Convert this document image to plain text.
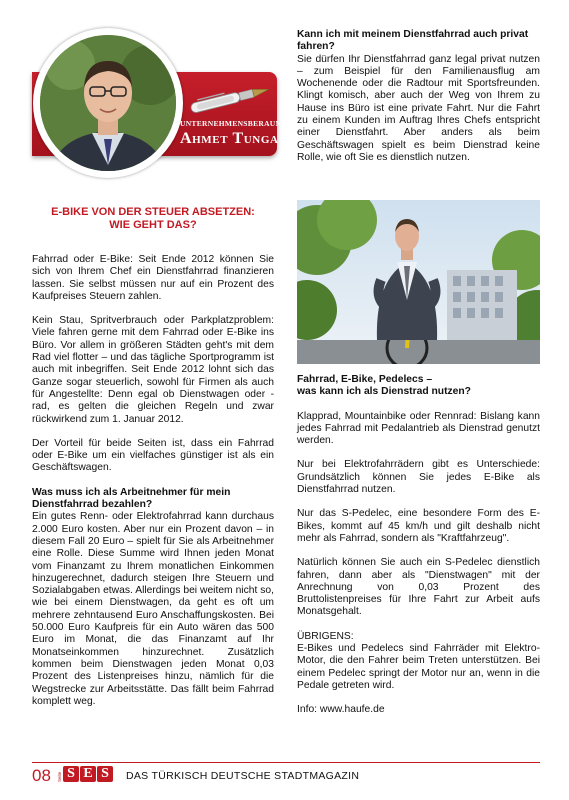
UNTERNEHMENSBERAUNG
Ahmet Tunga
E-BIKE VON DER STEUER ABSETZEN:
WIE GEHT DAS?

Fahrrad oder E-Bike: Seit Ende 2012 können Sie sich von Ihrem Chef ein Dienstfahrrad finanzieren lassen. Sie selbst müssen nur auf ein Prozent des Kaufpreises Steuern zahlen.

Kein Stau, Spritverbrauch oder Parkplatzproblem: Viele fahren gerne mit dem Fahrrad oder E-Bike ins Büro. Vor allem in größeren Städten geht's mit dem Rad viel flotter – und das tägliche Sportprogramm ist auch mit inbegriffen. Seit Ende 2012 lohnt sich das Ganze sogar steuerlich, sowohl für Firmen als auch für Angestellte: Denn egal ob Dienstwagen oder -rad, es gelten die gleichen Regeln und zwar rückwirkend zum 1. Januar 2012.

Der Vorteil für beide Seiten ist, dass ein Fahrrad oder E-Bike um ein vielfaches günstiger ist als ein Geschäftswagen.

Was muss ich als Arbeitnehmer für mein Dienstfahrrad bezahlen?

Ein gutes Renn- oder Elektrofahrrad kann durchaus 2.000 Euro kosten. Aber nur ein Prozent davon – in diesem Fall 20 Euro – spielt für Sie als Arbeitnehmer eine Rolle. Diese Summe wird Ihnen jeden Monat vom Finanzamt zu Ihrem monatlichen Einkommen hinzugerechnet, dadurch steigen Ihre Steuern und Sozialabgaben etwas. Allerdings bei weitem nicht so, wie bei einem Dienstwagen, da geht es oft um mehrere zehntausend Euro Anschaffungskosten. Bei 50.000 Euro Kaufpreis für ein Auto wären das 500 Euro im Monat, die das Finanzamt auf Ihr Monatseinkommen hinzurechnet. Zusätzlich kommen beim Dienstwagen jeden Monat 0,03 Prozent des Listenpreises hinzu, nämlich für die Wegstrecke zur Arbeitsstätte. Das fällt beim Fahrrad komplett weg.

Kann ich mit meinem Dienstfahrrad auch privat fahren?

Sie dürfen Ihr Dienstfahrrad ganz legal privat nutzen – zum Beispiel für den Familienausflug am Wochenende oder die Radtour mit Sportsfreunden. Klingt komisch, aber auch der Weg von Ihrem zu Hause ins Büro ist eine private Fahrt. Nur die Fahrt zu einem Kunden im Auftrag Ihres Chefs entspricht einer Dienstfahrt. Aber anders als beim Geschäftswagen spielt es beim Dienstrad keine Rolle, wie oft Sie es dienstlich nutzen.

Fahrrad, E-Bike, Pedelecs –
was kann ich als Dienstrad nutzen?

Klapprad, Mountainbike oder Rennrad: Bislang kann jedes Fahrrad mit Pedalantrieb als Dienstrad genutzt werden.

Nur bei Elektrofahrrädern gibt es Unterschiede: Grundsätzlich können Sie jedes E-Bike als Dienstfahrrad nutzen.

Nur das S-Pedelec, eine besondere Form des E-Bikes, kommt auf 45 km/h und gilt deshalb nicht mehr als Fahrrad, sondern als "Kraftfahrzeug".

Natürlich können Sie auch ein S-Pedelec dienstlich fahren, dann aber als "Dienstwagen" mit der Anrechnung von 0,03 Prozent des Bruttolistenpreises für Ihre Fahrt zur Arbeit aufs Monatsgehalt.

ÜBRIGENS:

E-Bikes und Pedelecs sind Fahrräder mit Elektro-Motor, die den Fahrer beim Treten unterstützen. Bei einem Pedelec springt der Motor nur an, wenn in die Pedale getreten wird.

Info: www.haufe.de
08 Seite S E S	DAS TÜRKISCH DEUTSCHE STADTMAGAZIN
